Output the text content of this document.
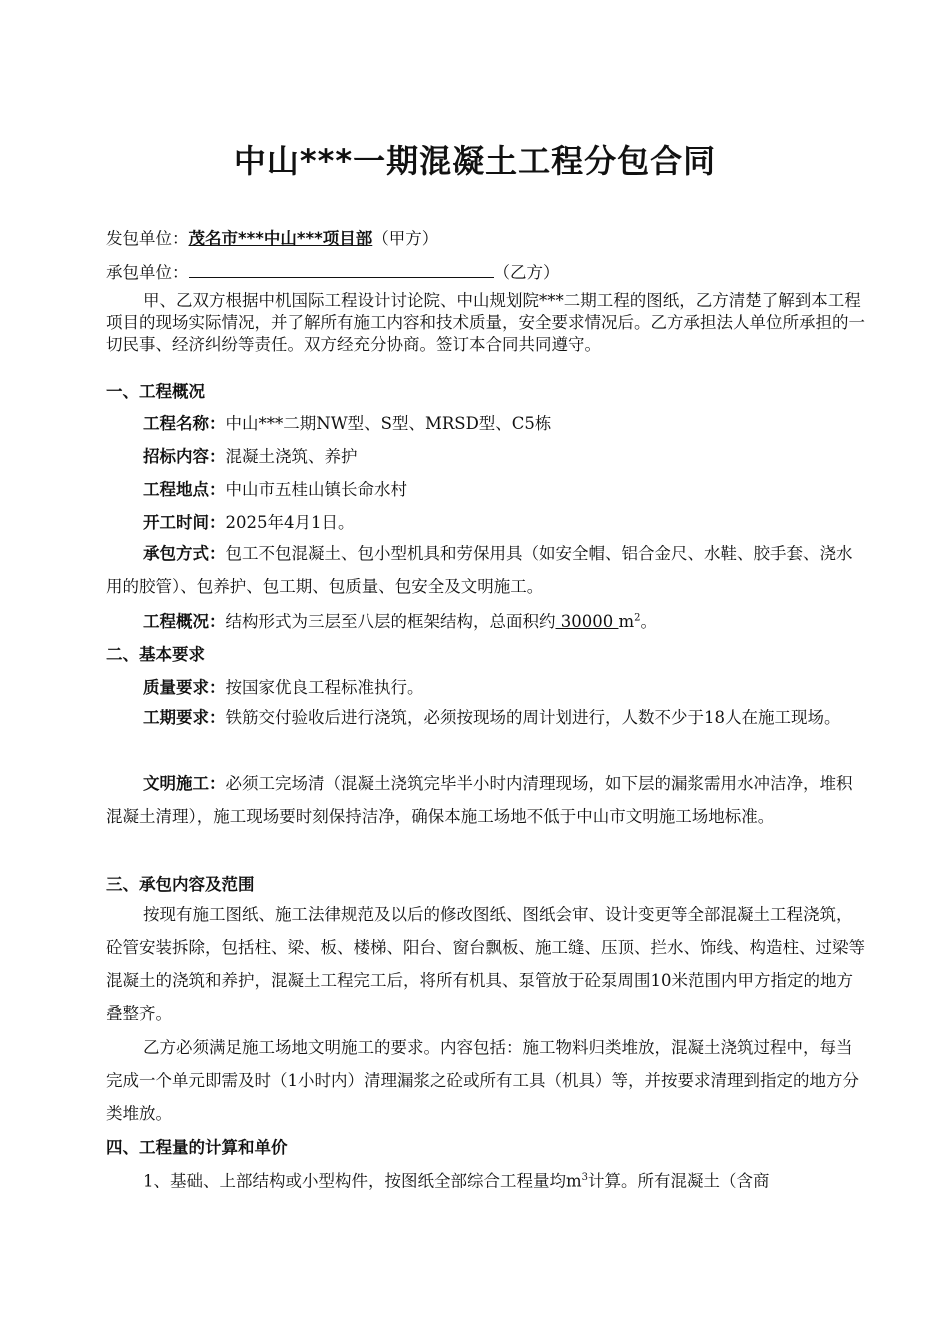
中山***一期混凝土工程分包合同
发包单位：茂名市***中山***项目部（甲方）
承包单位：	（乙方）
甲、乙双方根据中机国际工程设计讨论院、中山规划院***二期工程的图纸，乙方清楚了解到本工程项目的现场实际情况，并了解所有施工内容和技术质量，安全要求情况后。乙方承担法人单位所承担的一切民事、经济纠纷等责任。双方经充分协商。签订本合同共同遵守。
一、工程概况
工程名称：中山***二期NW型、S型、MRSD型、C5栋
招标内容：混凝土浇筑、养护
工程地点：中山市五桂山镇长命水村
开工时间：2025年4月1日。
承包方式：包工不包混凝土、包小型机具和劳保用具（如安全帽、铝合金尺、水鞋、胶手套、浇水用的胶管）、包养护、包工期、包质量、包安全及文明施工。
工程概况：结构形式为三层至八层的框架结构，总面积约 30000 $m^2$。
二、基本要求
质量要求：按国家优良工程标准执行。
工期要求：铁筋交付验收后进行浇筑，必须按现场的周计划进行，人数不少于18人在施工现场。
文明施工：必须工完场清（混凝土浇筑完毕半小时内清理现场，如下层的漏浆需用水冲洁净，堆积混凝土清理），施工现场要时刻保持洁净，确保本施工场地不低于中山市文明施工场地标准。
三、承包内容及范围
按现有施工图纸、施工法律规范及以后的修改图纸、图纸会审、设计变更等全部混凝土工程浇筑，砼管安装拆除，包括柱、梁、板、楼梯、阳台、窗台飘板、施工缝、压顶、拦水、饰线、构造柱、过梁等混凝土的浇筑和养护，混凝土工程完工后，将所有机具、泵管放于砼泵周围10米范围内甲方指定的地方叠整齐。
乙方必须满足施工场地文明施工的要求。内容包括：施工物料归类堆放，混凝土浇筑过程中，每当完成一个单元即需及时（1小时内）清理漏浆之砼或所有工具（机具）等，并按要求清理到指定的地方分类堆放。
四、工程量的计算和单价
1、基础、上部结构或小型构件，按图纸全部综合工程量均$m^3$计算。所有混凝土（含商
